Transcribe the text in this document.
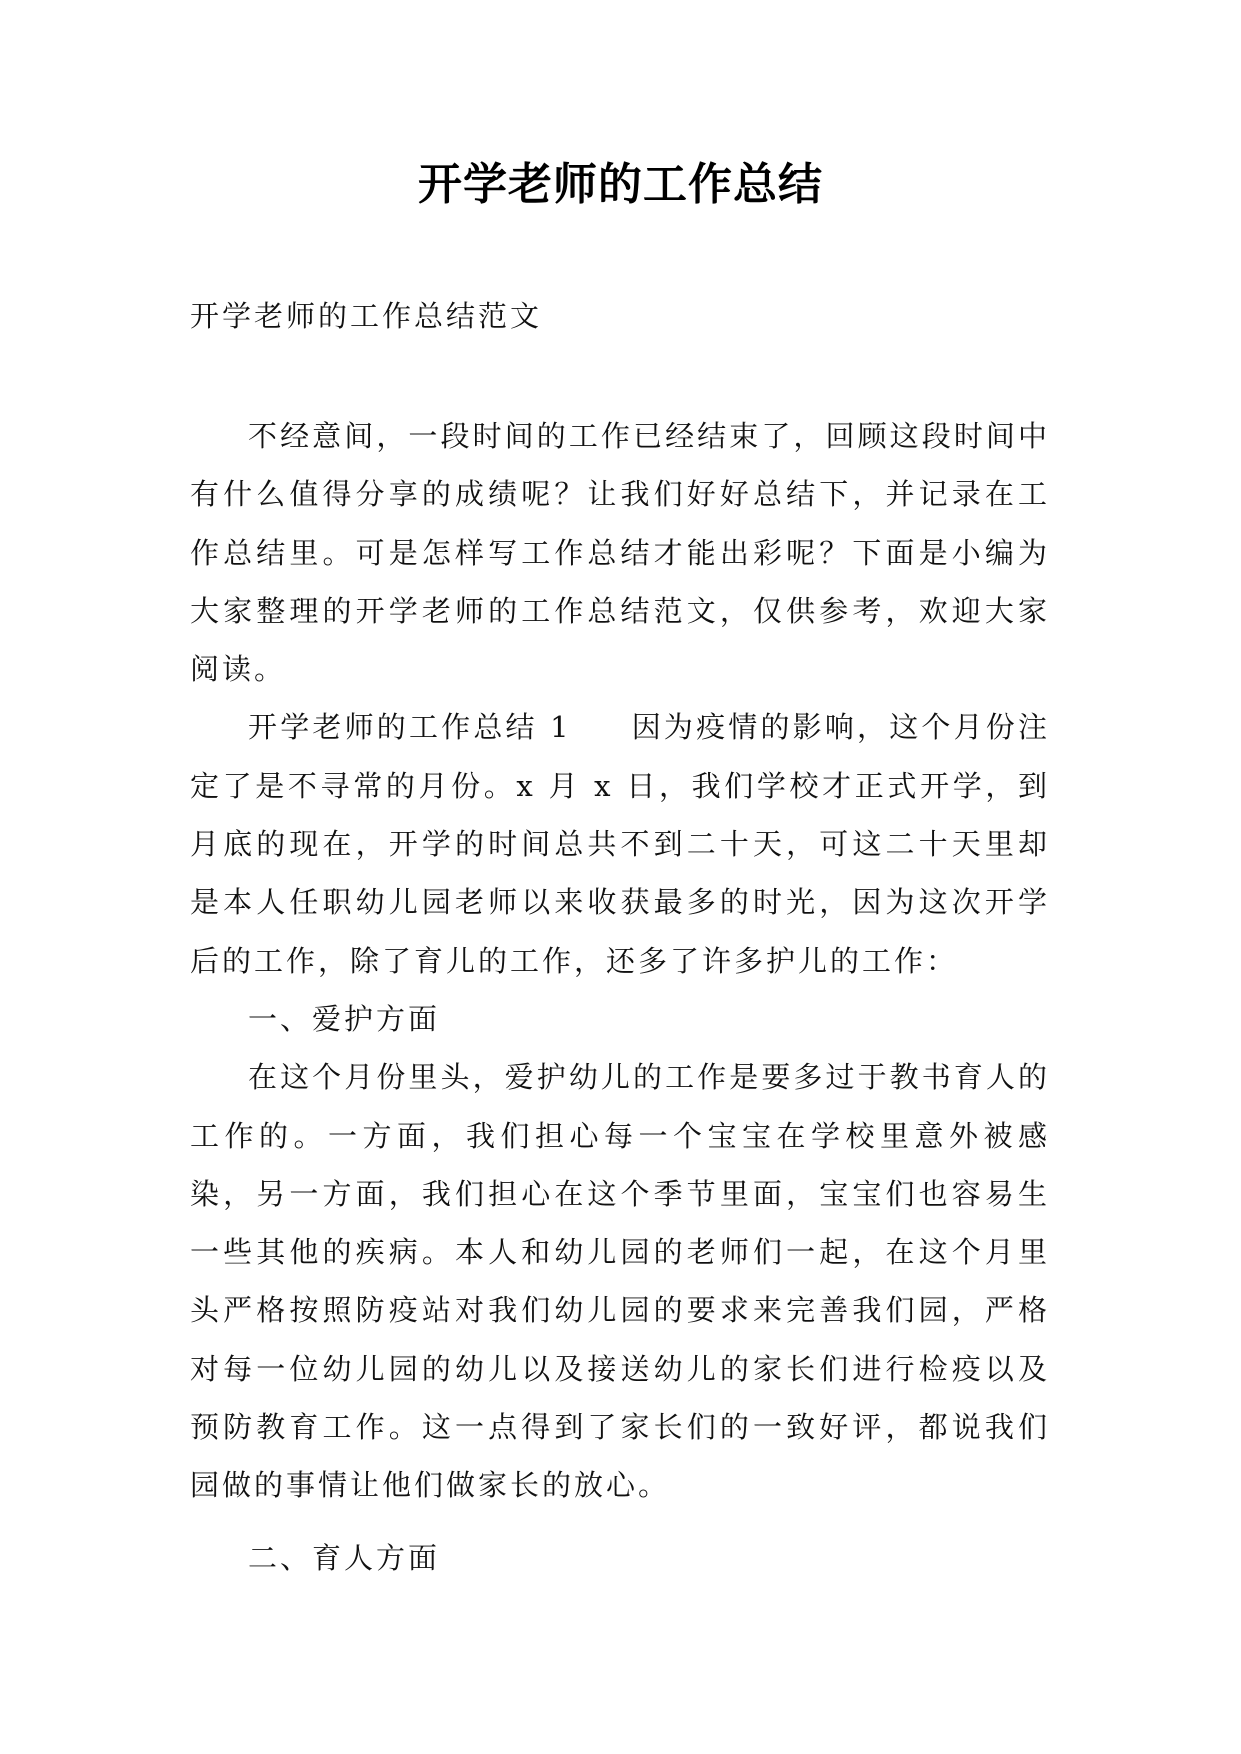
开学老师的工作总结
开学老师的工作总结范文

不经意间，一段时间的工作已经结束了，回顾这段时间中有什么值得分享的成绩呢？让我们好好总结下，并记录在工作总结里。可是怎样写工作总结才能出彩呢？下面是小编为大家整理的开学老师的工作总结范文，仅供参考，欢迎大家阅读。

开学老师的工作总结 1 因为疫情的影响，这个月份注定了是不寻常的月份。x 月 x 日，我们学校才正式开学，到月底的现在，开学的时间总共不到二十天，可这二十天里却是本人任职幼儿园老师以来收获最多的时光，因为这次开学后的工作，除了育儿的工作，还多了许多护儿的工作：

一、爱护方面

在这个月份里头，爱护幼儿的工作是要多过于教书育人的工作的。一方面，我们担心每一个宝宝在学校里意外被感染，另一方面，我们担心在这个季节里面，宝宝们也容易生一些其他的疾病。本人和幼儿园的老师们一起，在这个月里头严格按照防疫站对我们幼儿园的要求来完善我们园，严格对每一位幼儿园的幼儿以及接送幼儿的家长们进行检疫以及预防教育工作。这一点得到了家长们的一致好评，都说我们园做的事情让他们做家长的放心。

二、育人方面
